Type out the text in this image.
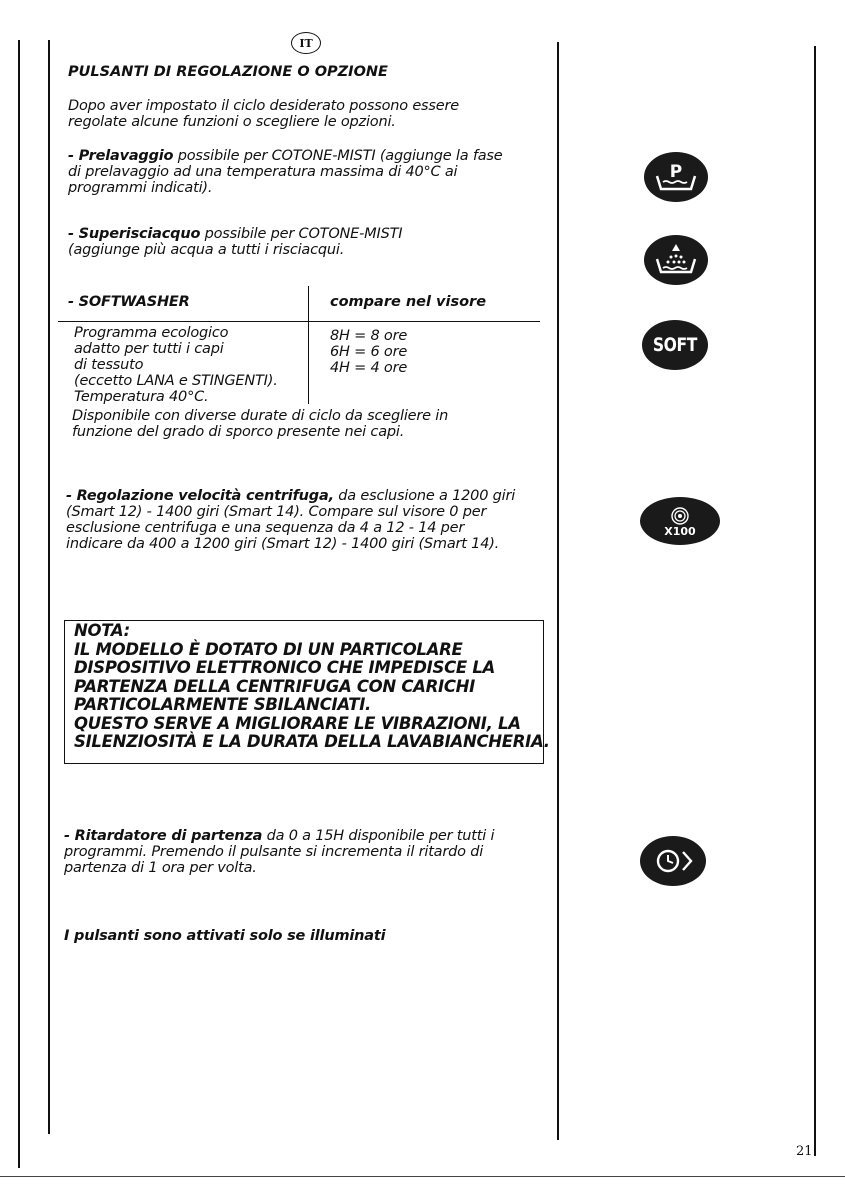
IT
PULSANTI DI REGOLAZIONE O OPZIONE
Dopo aver impostato il ciclo desiderato possono essere
regolate alcune funzioni o scegliere le opzioni.
- Prelavaggio possibile per COTONE-MISTI (aggiunge la fase
di prelavaggio ad una temperatura massima di 40°C ai
programmi indicati).
- Superisciacquo possibile per COTONE-MISTI
(aggiunge più acqua a tutti i risciacqui.
- SOFTWASHER	compare nel visore
Programma ecologico
adatto per tutti i capi
di tessuto
(eccetto LANA e STINGENTI).
Temperatura 40°C.
8H = 8 ore
6H = 6 ore
4H = 4 ore
Disponibile con diverse durate di ciclo da scegliere in
funzione del grado di sporco presente nei capi.
- Regolazione velocità centrifuga, da esclusione a 1200 giri
(Smart 12) - 1400 giri (Smart 14). Compare sul visore 0 per
esclusione centrifuga e una sequenza da 4 a 12 - 14 per
indicare da 400 a 1200 giri (Smart 12) - 1400 giri (Smart 14).
NOTA:
IL MODELLO È DOTATO DI UN PARTICOLARE
DISPOSITIVO ELETTRONICO CHE IMPEDISCE LA
PARTENZA DELLA CENTRIFUGA CON CARICHI
PARTICOLARMENTE SBILANCIATI.
QUESTO SERVE A MIGLIORARE LE VIBRAZIONI, LA
SILENZIOSITÀ E LA DURATA DELLA LAVABIANCHERIA.
- Ritardatore di partenza da 0 a 15H disponibile per tutti i
programmi. Premendo il pulsante si incrementa il ritardo di
partenza di 1 ora per volta.
I pulsanti sono attivati solo se illuminati
P
SOFT
X100
21
